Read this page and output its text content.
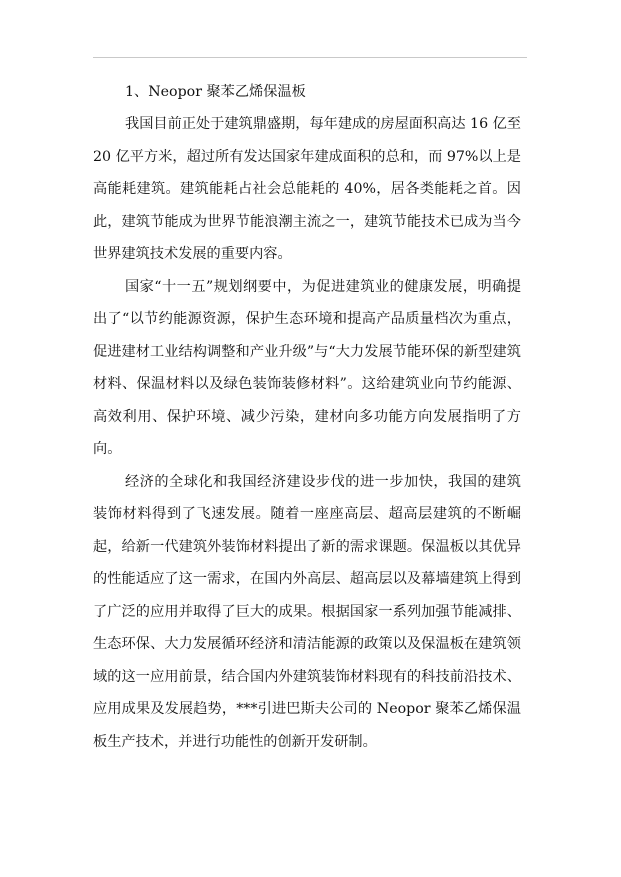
1、Neopor 聚苯乙烯保温板

我国目前正处于建筑鼎盛期，每年建成的房屋面积高达 16 亿至 20 亿平方米，超过所有发达国家年建成面积的总和，而 97%以上是高能耗建筑。建筑能耗占社会总能耗的 40%，居各类能耗之首。因此，建筑节能成为世界节能浪潮主流之一，建筑节能技术已成为当今世界建筑技术发展的重要内容。

国家“十一五”规划纲要中，为促进建筑业的健康发展，明确提出了“以节约能源资源，保护生态环境和提高产品质量档次为重点，促进建材工业结构调整和产业升级”与“大力发展节能环保的新型建筑材料、保温材料以及绿色装饰装修材料”。这给建筑业向节约能源、高效利用、保护环境、减少污染，建材向多功能方向发展指明了方向。

经济的全球化和我国经济建设步伐的进一步加快，我国的建筑装饰材料得到了飞速发展。随着一座座高层、超高层建筑的不断崛起，给新一代建筑外装饰材料提出了新的需求课题。保温板以其优异的性能适应了这一需求，在国内外高层、超高层以及幕墙建筑上得到了广泛的应用并取得了巨大的成果。根据国家一系列加强节能减排、生态环保、大力发展循环经济和清洁能源的政策以及保温板在建筑领域的这一应用前景，结合国内外建筑装饰材料现有的科技前沿技术、应用成果及发展趋势，***引进巴斯夫公司的 Neopor 聚苯乙烯保温板生产技术，并进行功能性的创新开发研制。
